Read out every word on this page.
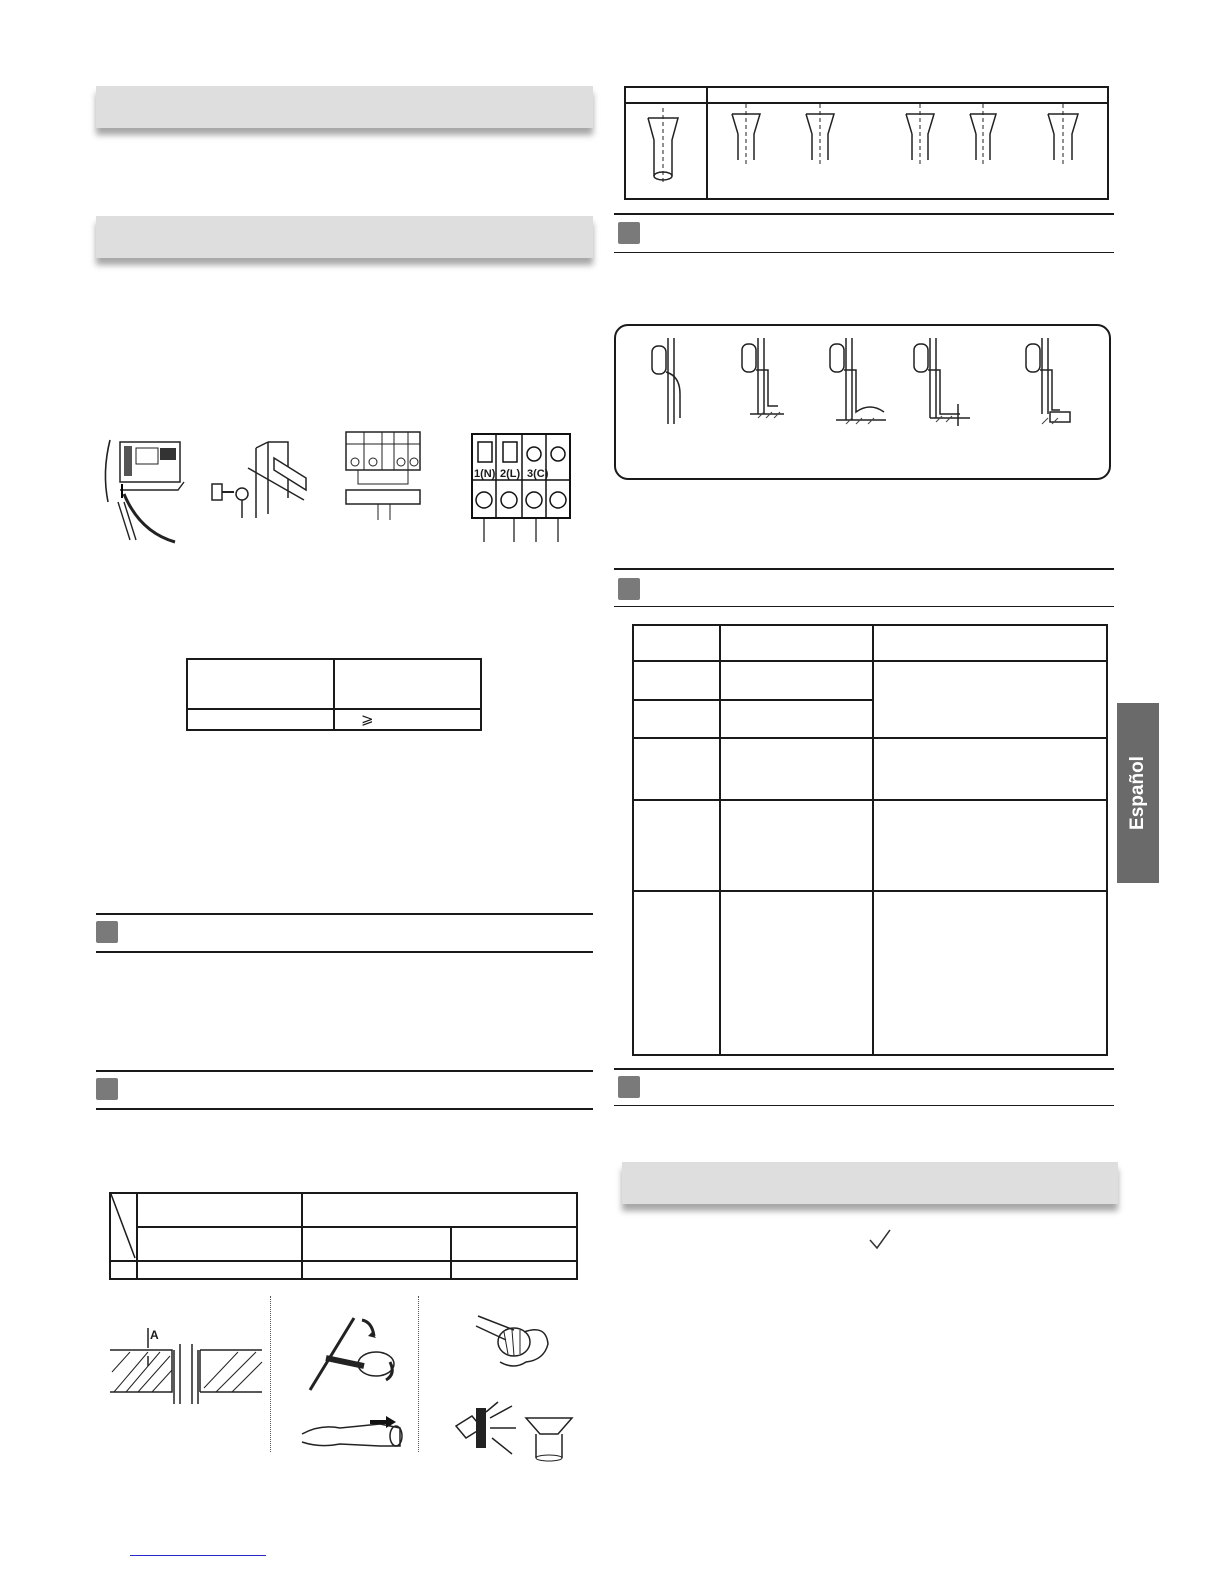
1(N) 2(L) 3(C)
⩾
A
Español
